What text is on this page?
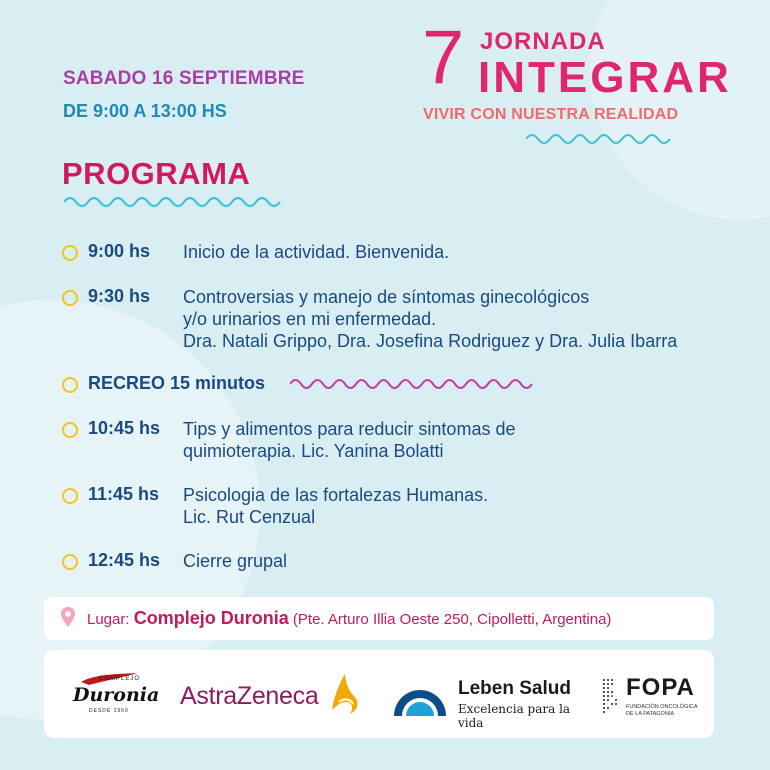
SABADO 16 SEPTIEMBRE
DE 9:00 A 13:00 HS
7 JORNADA
INTEGRAR
VIVIR CON NUESTRA REALIDAD
PROGRAMA
9:00 hs Inicio de la actividad. Bienvenida.
9:30 hs Controversias y manejo de síntomas ginecológicos
y/o urinarios en mi enfermedad.
Dra. Natali Grippo, Dra. Josefina Rodriguez y Dra. Julia Ibarra
RECREO 15 minutos
10:45 hs Tips y alimentos para reducir sintomas de
quimioterapia. Lic. Yanina Bolatti
11:45 hs Psicologia de las fortalezas Humanas.
Lic. Rut Cenzual
12:45 hs Cierre grupal
Lugar: Complejo Duronia (Pte. Arturo Illia Oeste 250, Cipolletti, Argentina)
COMPLEJO
Duronia
DESDE 1960
AstraZeneca	Leben Salud
Excelencia para la vida
FOPA
FUNDACIÓN ONCOLÓGICA DE LA PATAGONIA
